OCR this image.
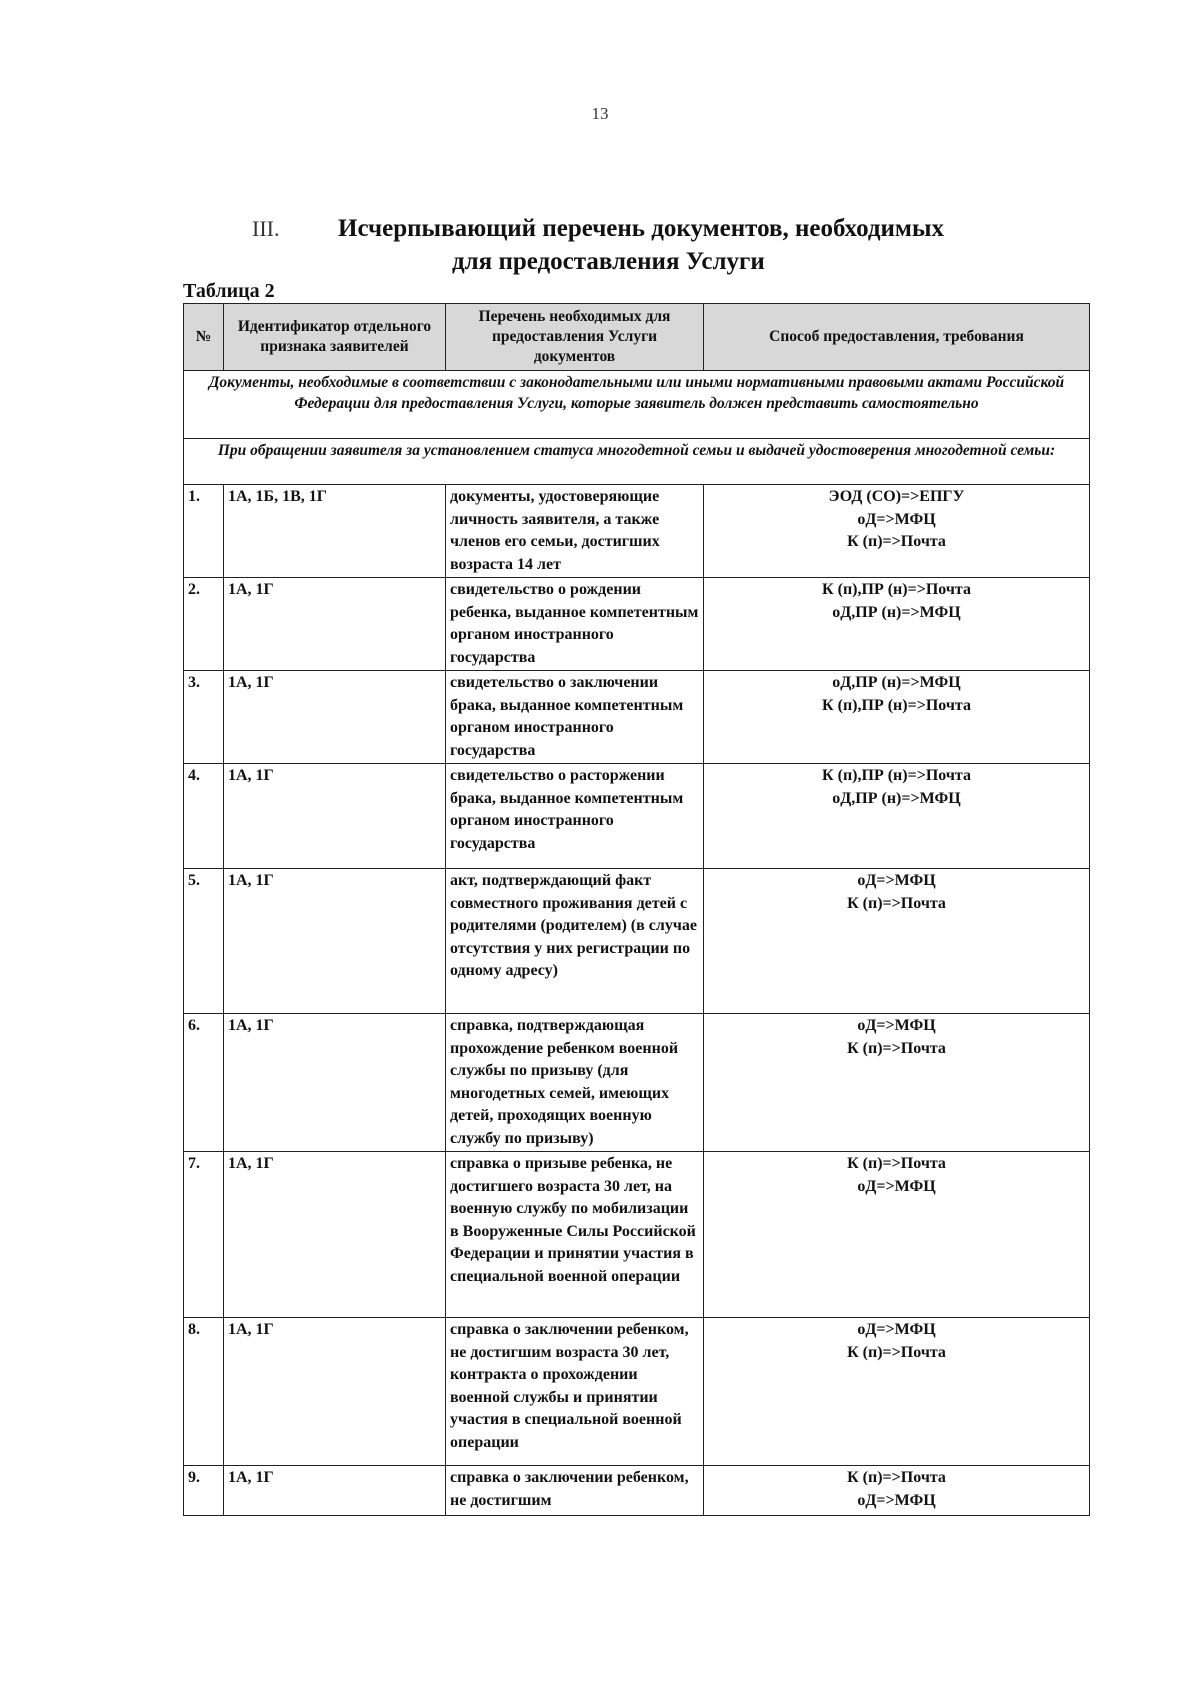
13
III. Исчерпывающий перечень документов, необходимых
для предоставления Услуги
Таблица 2
№	Идентификатор отдельного признака заявителей	Перечень необходимых для предоставления Услуги документов	Способ предоставления, требования
Документы, необходимые в соответствии с законодательными или иными нормативными правовыми актами Российской Федерации для предоставления Услуги, которые заявитель должен представить самостоятельно			
При обращении заявителя за установлением статуса многодетной семьи и выдачей удостоверения многодетной семьи:			
1.	1А, 1Б, 1В, 1Г	документы, удостоверяющие личность заявителя, а также членов его семьи, достигших возраста 14 лет	ЭОД (СО)=>ЕПГУ
оД=>МФЦ
К (п)=>Почта

2.	1А, 1Г	свидетельство о рождении ребенка, выданное компетентным органом иностранного государства	К (п),ПР (н)=>Почта
оД,ПР (н)=>МФЦ

3.	1А, 1Г	свидетельство о заключении брака, выданное компетентным органом иностранного государства	оД,ПР (н)=>МФЦ
К (п),ПР (н)=>Почта

4.	1А, 1Г	свидетельство о расторжении брака, выданное компетентным органом иностранного государства	К (п),ПР (н)=>Почта
оД,ПР (н)=>МФЦ

5.	1А, 1Г	акт, подтверждающий факт совместного проживания детей с родителями (родителем) (в случае отсутствия у них регистрации по одному адресу)	оД=>МФЦ
К (п)=>Почта

6.	1А, 1Г	справка, подтверждающая прохождение ребенком военной службы по призыву (для многодетных семей, имеющих детей, проходящих военную службу по призыву)	оД=>МФЦ
К (п)=>Почта

7.	1А, 1Г	справка о призыве ребенка, не достигшего возраста 30 лет, на военную службу по мобилизации в Вооруженные Силы Российской Федерации и принятии участия в специальной военной операции	К (п)=>Почта
оД=>МФЦ

8.	1А, 1Г	справка о заключении ребенком, не достигшим возраста 30 лет, контракта о прохождении военной службы и принятии участия в специальной военной операции	оД=>МФЦ
К (п)=>Почта

9.	1А, 1Г	справка о заключении ребенком, не достигшим	К (п)=>Почта
оД=>МФЦ
